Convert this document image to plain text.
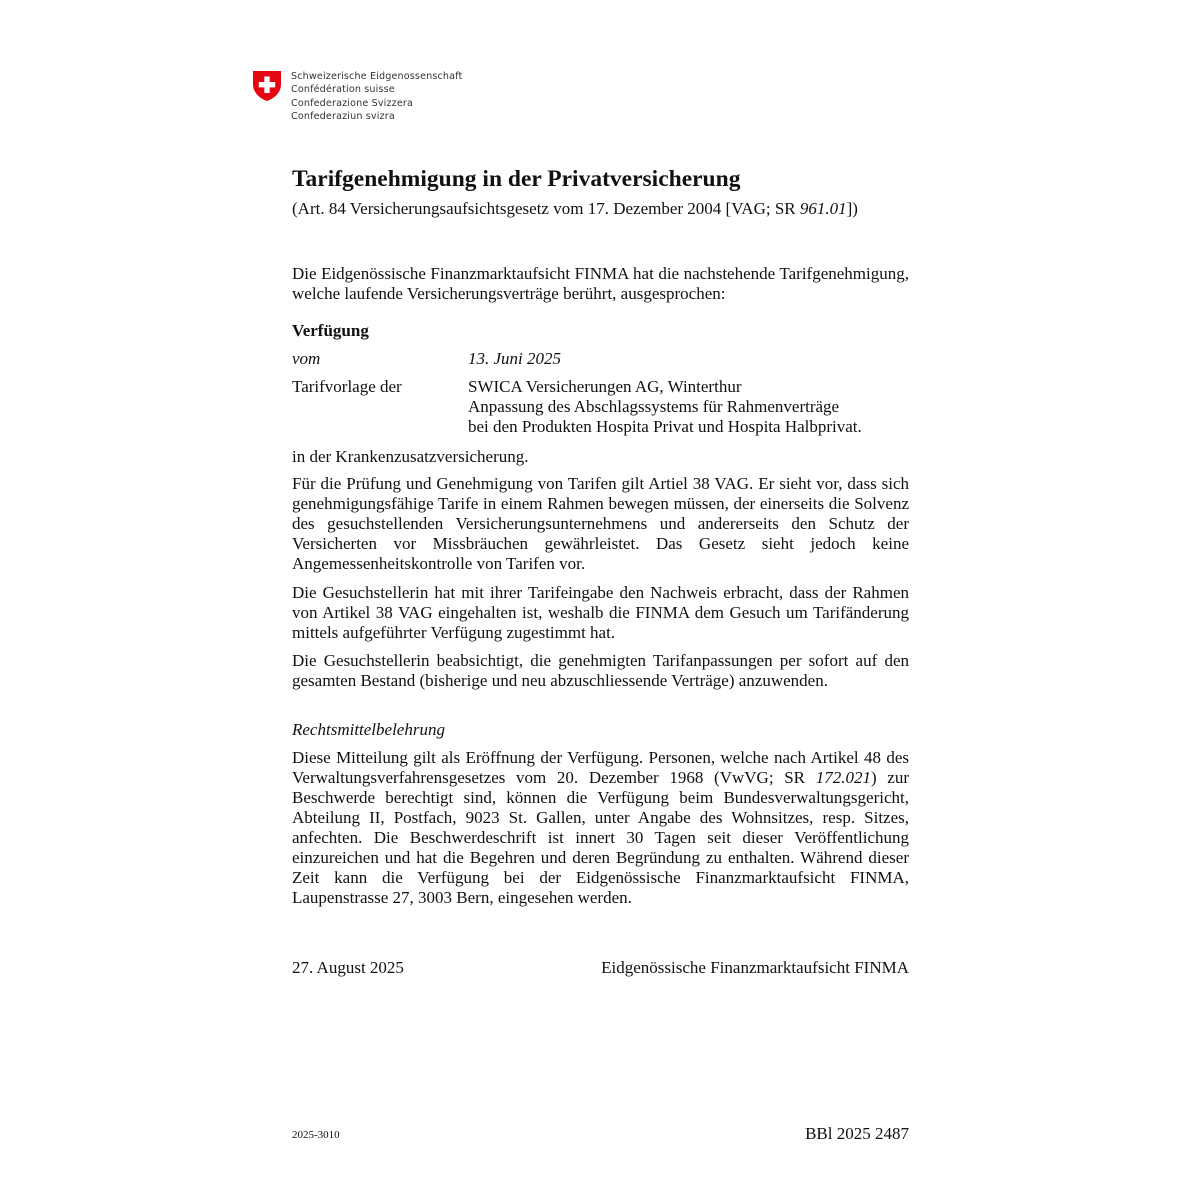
Schweizerische Eidgenossenschaft
Confédération suisse
Confederazione Svizzera
Confederaziun svizra
Tarifgenehmigung in der Privatversicherung
(Art. 84 Versicherungsaufsichtsgesetz vom 17. Dezember 2004 [VAG; SR 961.01])

Die Eidgenössische Finanzmarktaufsicht FINMA hat die nachstehende Tarifgenehmigung, welche laufende Versicherungsverträge berührt, ausgesprochen:

Verfügung
vom	13. Juni 2025
Tarifvorlage der	SWICA Versicherungen AG, Winterthur
Anpassung des Abschlagssystems für Rahmenverträge
bei den Produkten Hospita Privat und Hospita Halbprivat.

in der Krankenzusatzversicherung.

Für die Prüfung und Genehmigung von Tarifen gilt Artiel 38 VAG. Er sieht vor, dass sich genehmigungsfähige Tarife in einem Rahmen bewegen müssen, der einerseits die Solvenz des gesuchstellenden Versicherungsunternehmens und andererseits den Schutz der Versicherten vor Missbräuchen gewährleistet. Das Gesetz sieht jedoch keine Angemessenheitskontrolle von Tarifen vor.

Die Gesuchstellerin hat mit ihrer Tarifeingabe den Nachweis erbracht, dass der Rahmen von Artikel 38 VAG eingehalten ist, weshalb die FINMA dem Gesuch um Tarifänderung mittels aufgeführter Verfügung zugestimmt hat.

Die Gesuchstellerin beabsichtigt, die genehmigten Tarifanpassungen per sofort auf den gesamten Bestand (bisherige und neu abzuschliessende Verträge) anzuwenden.

Rechtsmittelbelehrung

Diese Mitteilung gilt als Eröffnung der Verfügung. Personen, welche nach Artikel 48 des Verwaltungsverfahrensgesetzes vom 20. Dezember 1968 (VwVG; SR 172.021) zur Beschwerde berechtigt sind, können die Verfügung beim Bundesverwaltungsgericht, Abteilung II, Postfach, 9023 St. Gallen, unter Angabe des Wohnsitzes, resp. Sitzes, anfechten. Die Beschwerdeschrift ist innert 30 Tagen seit dieser Veröffentlichung einzureichen und hat die Begehren und deren Begründung zu enthalten. Während dieser Zeit kann die Verfügung bei der Eidgenössische Finanzmarktaufsicht FINMA, Laupenstrasse 27, 3003 Bern, eingesehen werden.

27. August 2025	Eidgenössische Finanzmarktaufsicht FINMA
2025-3010	BBl 2025 2487
